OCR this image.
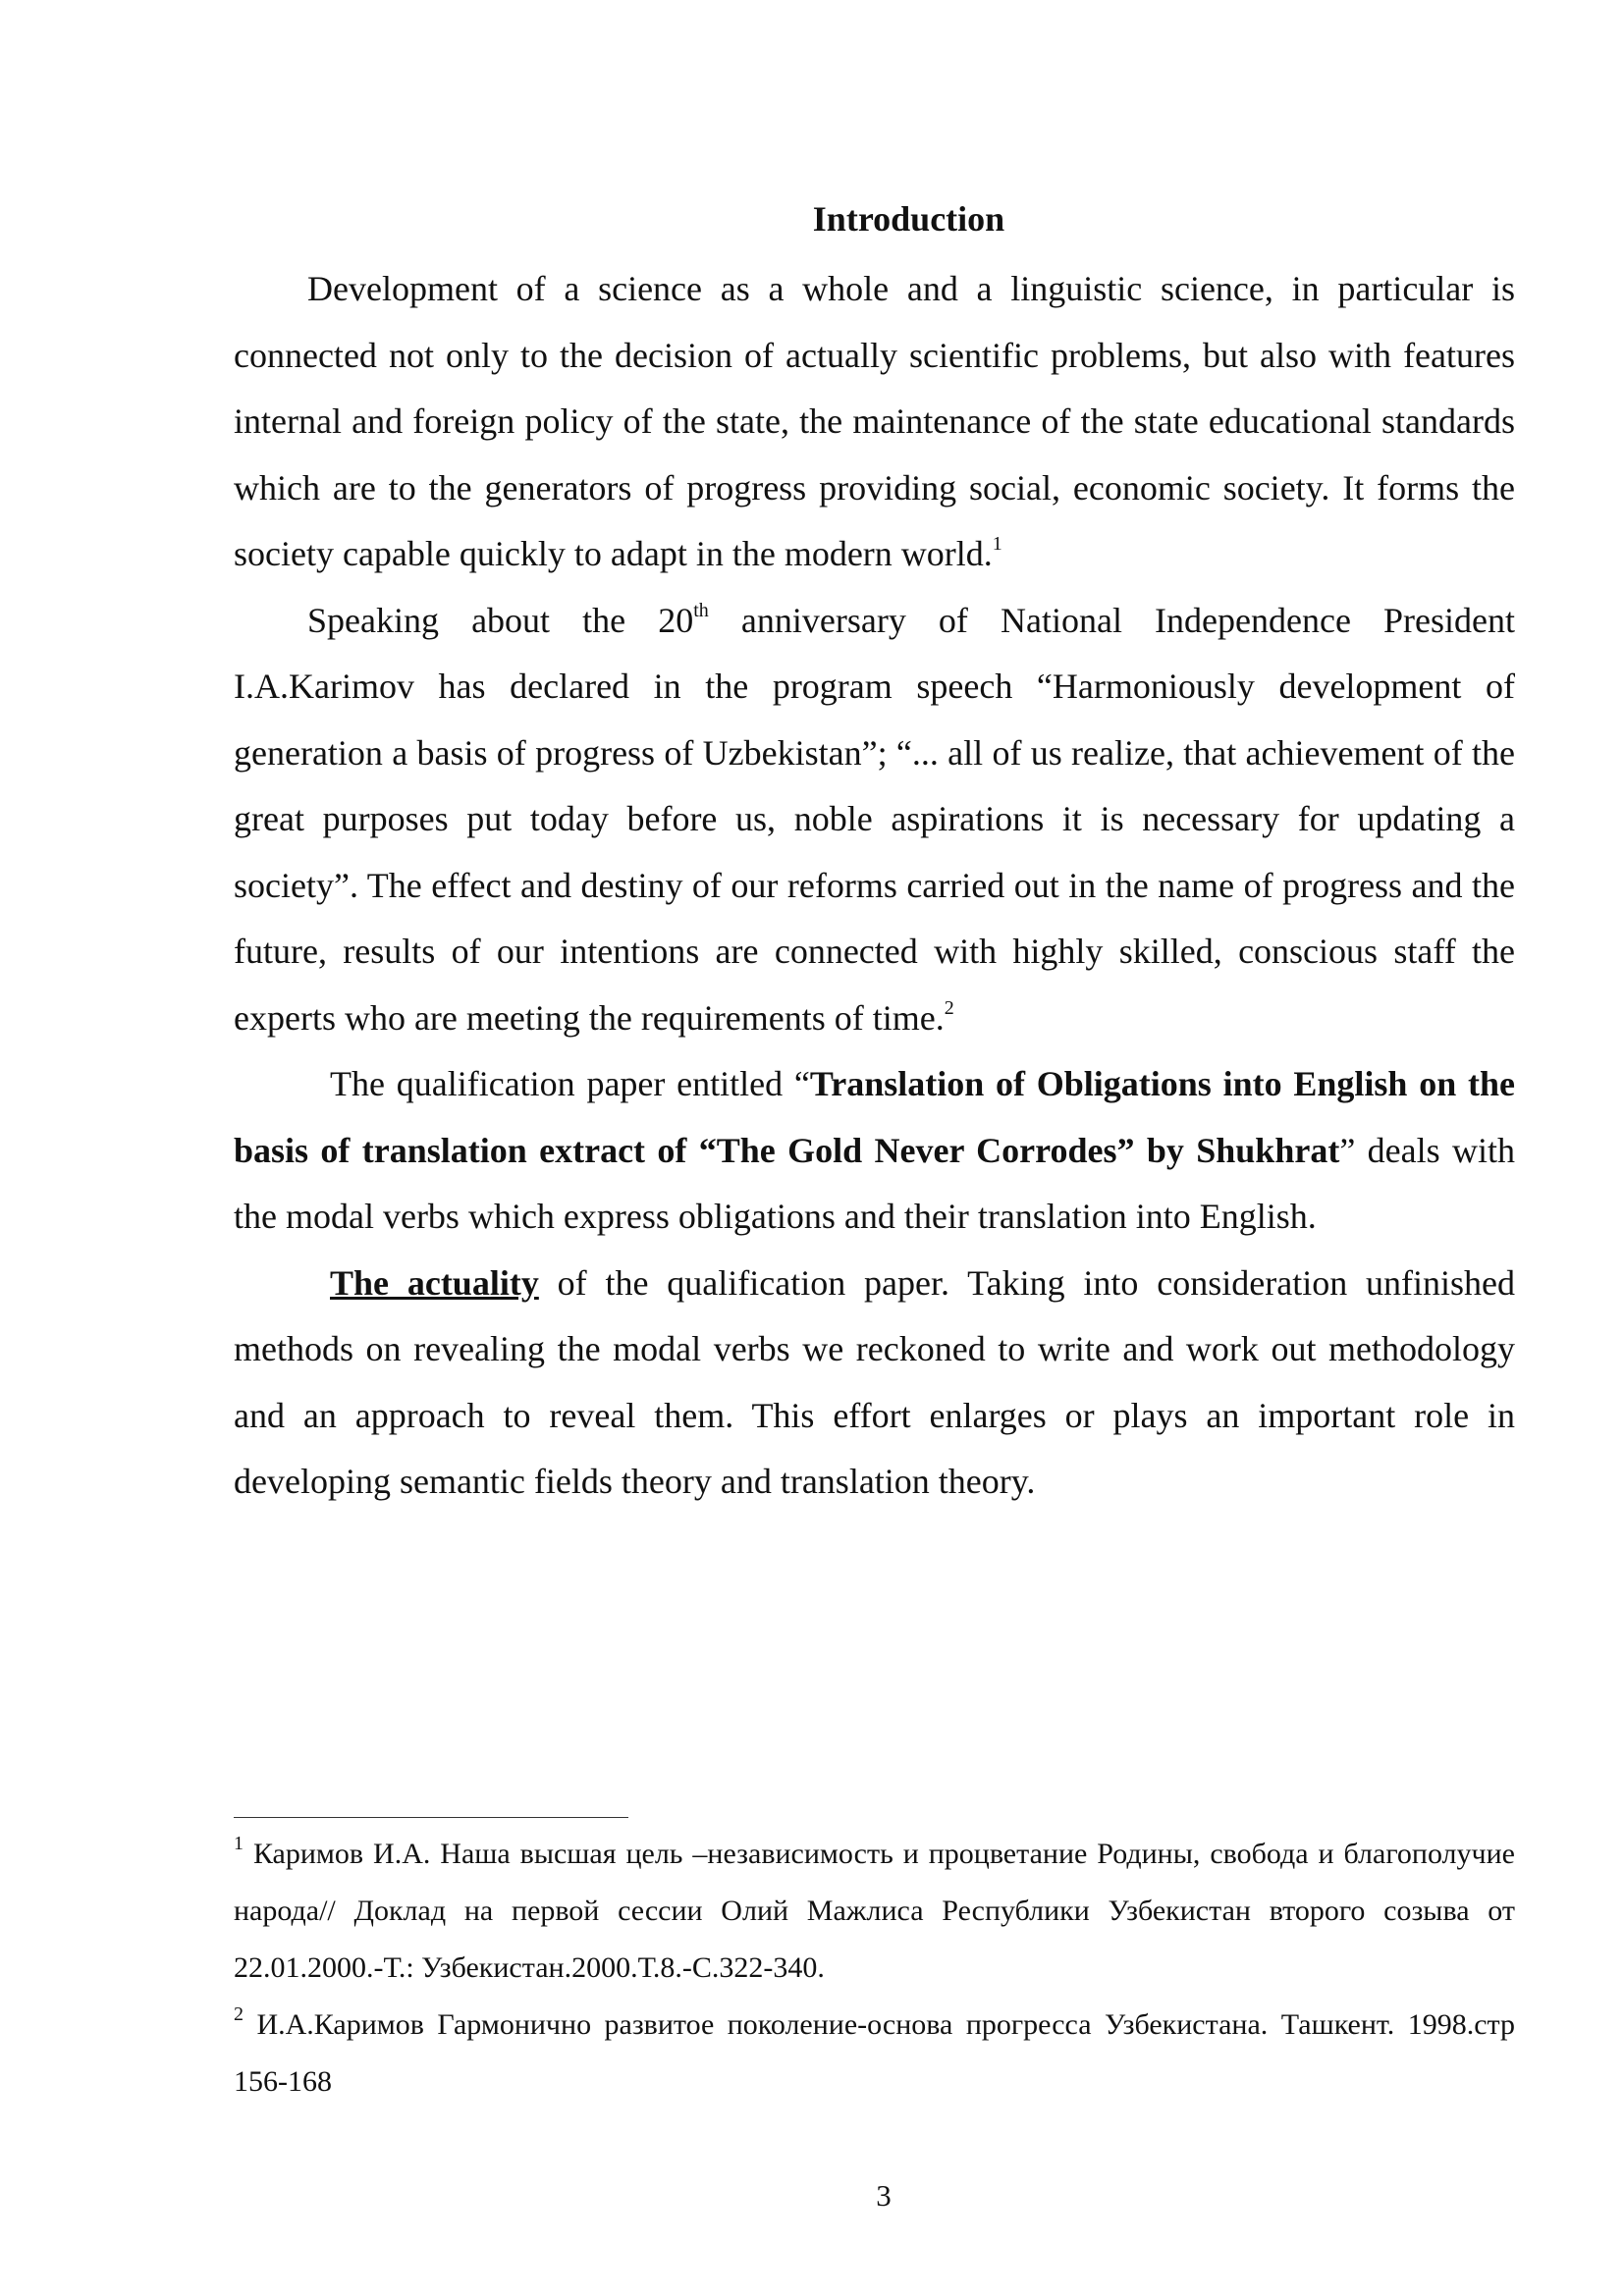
Introduction

Development of a science as a whole and a linguistic science, in particular is connected not only to the decision of actually scientific problems, but also with features internal and foreign policy of the state, the maintenance of the state educational standards which are to the generators of progress providing social, economic society. It forms the society capable quickly to adapt in the modern world.$^1$

Speaking about the 20th anniversary of National Independence President I.A.Karimov has declared in the program speech “Harmoniously development of generation a basis of progress of Uzbekistan”; “... all of us realize, that achievement of the great purposes put today before us, noble aspirations it is necessary for updating a society”. The effect and destiny of our reforms carried out in the name of progress and the future, results of our intentions are connected with highly skilled, conscious staff the experts who are meeting the requirements of time.$^2$

The qualification paper entitled “Translation of Obligations into English on the basis of translation extract of “The Gold Never Corrodes” by Shukhrat” deals with the modal verbs which express obligations and their translation into English.

The actuality of the qualification paper. Taking into consideration unfinished methods on revealing the modal verbs we reckoned to write and work out methodology and an approach to reveal them. This effort enlarges or plays an important role in developing semantic fields theory and translation theory.

$^1$ Каримов И.А. Наша высшая цель –независимость и процветание Родины, свобода и благополучие народа// Доклад на первой сессии Олий Мажлиса Республики Узбекистан второго созыва от 22.01.2000.-Т.: Узбекистан.2000.Т.8.-С.322-340.

$^2$ И.А.Каримов Гармонично развитое поколение-основа прогресса Узбекистана. Ташкент. 1998.стр 156-168

3
